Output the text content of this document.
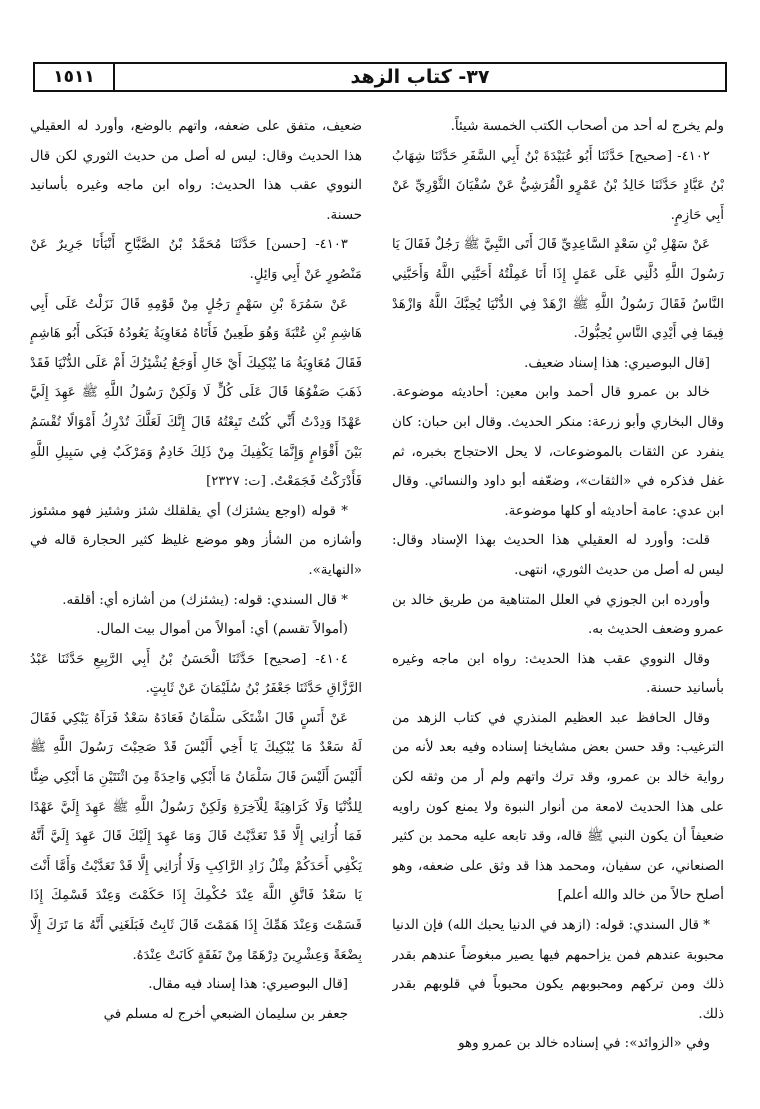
١٥١١	٣٧- كتاب الزهد

ولم يخرج له أحد من أصحاب الكتب الخمسة شيئاً.

٤١٠٢- [صحيح] حَدَّثَنَا أَبُو عُبَيْدَةَ بْنُ أَبِي السَّفَرِ حَدَّثَنَا شِهَابُ بْنُ عَبَّادٍ حَدَّثَنَا خَالِدُ بْنُ عَمْرٍو الْقُرَشِيُّ عَنْ سُفْيَانَ الثَّوْرِيِّ عَنْ أَبِي حَازِمٍ.

عَنْ سَهْلِ بْنِ سَعْدٍ السَّاعِدِيِّ قَالَ أَتَى النَّبِيَّ ﷺ رَجُلٌ فَقَالَ يَا رَسُولَ اللَّهِ دُلَّنِي عَلَى عَمَلٍ إِذَا أَنَا عَمِلْتُهُ أَحَبَّنِي اللَّهُ وَأَحَبَّنِي النَّاسُ فَقَالَ رَسُولُ اللَّهِ ﷺ ازْهَدْ فِي الدُّنْيَا يُحِبَّكَ اللَّهُ وَازْهَدْ فِيمَا فِي أَيْدِي النَّاسِ يُحِبُّوكَ.

[قال البوصيري: هذا إسناد ضعيف.

خالد بن عمرو قال أحمد وابن معين: أحاديثه موضوعة. وقال البخاري وأبو زرعة: منكر الحديث. وقال ابن حبان: كان ينفرد عن الثقات بالموضوعات، لا يحل الاحتجاج بخبره، ثم غفل فذكره في «الثقات»، وضعّفه أبو داود والنسائي. وقال ابن عدي: عامة أحاديثه أو كلها موضوعة.

قلت: وأورد له العقيلي هذا الحديث بهذا الإسناد وقال: ليس له أصل من حديث الثوري، انتهى.

وأورده ابن الجوزي في العلل المتناهية من طريق خالد بن عمرو وضعف الحديث به.

وقال النووي عقب هذا الحديث: رواه ابن ماجه وغيره بأسانيد حسنة.

وقال الحافظ عبد العظيم المنذري في كتاب الزهد من الترغيب: وقد حسن بعض مشايخنا إسناده وفيه بعد لأنه من رواية خالد بن عمرو، وقد ترك واتهم ولم أر من وثقه لكن على هذا الحديث لامعة من أنوار النبوة ولا يمنع كون راويه ضعيفاً أن يكون النبي ﷺ قاله، وقد تابعه عليه محمد بن كثير الصنعاني، عن سفيان، ومحمد هذا قد وثق على ضعفه، وهو أصلح حالاً من خالد والله أعلم]

* قال السندي: قوله: (ازهد في الدنيا يحبك الله) فإن الدنيا محبوبة عندهم فمن يزاحمهم فيها يصير مبغوضاً عندهم بقدر ذلك ومن تركهم ومحبوبهم يكون محبوباً في قلوبهم بقدر ذلك.

وفي «الزوائد»: في إسناده خالد بن عمرو وهو

ضعيف، متفق على ضعفه، واتهم بالوضع، وأورد له العقيلي هذا الحديث وقال: ليس له أصل من حديث الثوري لكن قال النووي عقب هذا الحديث: رواه ابن ماجه وغيره بأسانيد حسنة.

٤١٠٣- [حسن] حَدَّثَنَا مُحَمَّدُ بْنُ الصَّبَّاحِ أَنْبَأَنَا جَرِيرٌ عَنْ مَنْصُورٍ عَنْ أَبِي وَائِلٍ.

عَنْ سَمُرَةَ بْنِ سَهْمٍ رَجُلٍ مِنْ قَوْمِهِ قَالَ نَزَلْتُ عَلَى أَبِي هَاشِمِ بْنِ عُتْبَةَ وَهُوَ طَعِينٌ فَأَتَاهُ مُعَاوِيَةُ يَعُودُهُ فَبَكَى أَبُو هَاشِمٍ فَقَالَ مُعَاوِيَةُ مَا يُبْكِيكَ أَيْ خَالِ أَوَجَعٌ يُشْئِزُكَ أَمْ عَلَى الدُّنْيَا فَقَدْ ذَهَبَ صَفْوُهَا قَالَ عَلَى كُلٍّ لَا وَلَكِنْ رَسُولُ اللَّهِ ﷺ عَهِدَ إِلَيَّ عَهْدًا وَدِدْتُ أَنِّي كُنْتُ تَبِعْتُهُ قَالَ إِنَّكَ لَعَلَّكَ تُدْرِكُ أَمْوَالًا تُقْسَمُ بَيْنَ أَقْوَامٍ وَإِنَّمَا يَكْفِيكَ مِنْ ذَلِكَ خَادِمٌ وَمَرْكَبٌ فِي سَبِيلِ اللَّهِ فَأَدْرَكْتُ فَجَمَعْتُ. [ت: ٢٣٢٧]

* قوله (اوجع يشئزك) أي يقلقلك شئز وشئيز فهو مشئوز وأشازه من الشأز وهو موضع غليظ كثير الحجارة قاله في «النهاية».

* قال السندي: قوله: (يشئزك) من أشازه أي: أقلقه.

(أموالاً تقسم) أي: أموالاً من أموال بيت المال.

٤١٠٤- [صحيح] حَدَّثَنَا الْحَسَنُ بْنُ أَبِي الرَّبِيعِ حَدَّثَنَا عَبْدُ الرَّزَّاقِ حَدَّثَنَا جَعْفَرُ بْنُ سُلَيْمَانَ عَنْ ثَابِتٍ.

عَنْ أَنَسٍ قَالَ اشْتَكَى سَلْمَانُ فَعَادَهُ سَعْدٌ فَرَآهُ يَبْكِي فَقَالَ لَهُ سَعْدٌ مَا يُبْكِيكَ يَا أَخِي أَلَيْسَ قَدْ صَحِبْتَ رَسُولَ اللَّهِ ﷺ أَلَيْسَ أَلَيْسَ قَالَ سَلْمَانُ مَا أَبْكِي وَاحِدَةً مِنَ اثْنَتَيْنِ مَا أَبْكِي ضِنًّا لِلدُّنْيَا وَلَا كَرَاهِيَةً لِلْآخِرَةِ وَلَكِنْ رَسُولُ اللَّهِ ﷺ عَهِدَ إِلَيَّ عَهْدًا فَمَا أُرَانِي إِلَّا قَدْ تَعَدَّيْتُ قَالَ وَمَا عَهِدَ إِلَيْكَ قَالَ عَهِدَ إِلَيَّ أَنَّهُ يَكْفِي أَحَدَكُمْ مِثْلُ زَادِ الرَّاكِبِ وَلَا أُرَانِي إِلَّا قَدْ تَعَدَّيْتُ وَأَمَّا أَنْتَ يَا سَعْدُ فَاتَّقِ اللَّهَ عِنْدَ حُكْمِكَ إِذَا حَكَمْتَ وَعِنْدَ قَسْمِكَ إِذَا قَسَمْتَ وَعِنْدَ هَمِّكَ إِذَا هَمَمْتَ قَالَ ثَابِتٌ فَبَلَغَنِي أَنَّهُ مَا تَرَكَ إِلَّا بِضْعَةً وَعِشْرِينَ دِرْهَمًا مِنْ نَفَقَةٍ كَانَتْ عِنْدَهُ.

[قال البوصيري: هذا إسناد فيه مقال.

جعفر بن سليمان الضبعي أخرج له مسلم في
